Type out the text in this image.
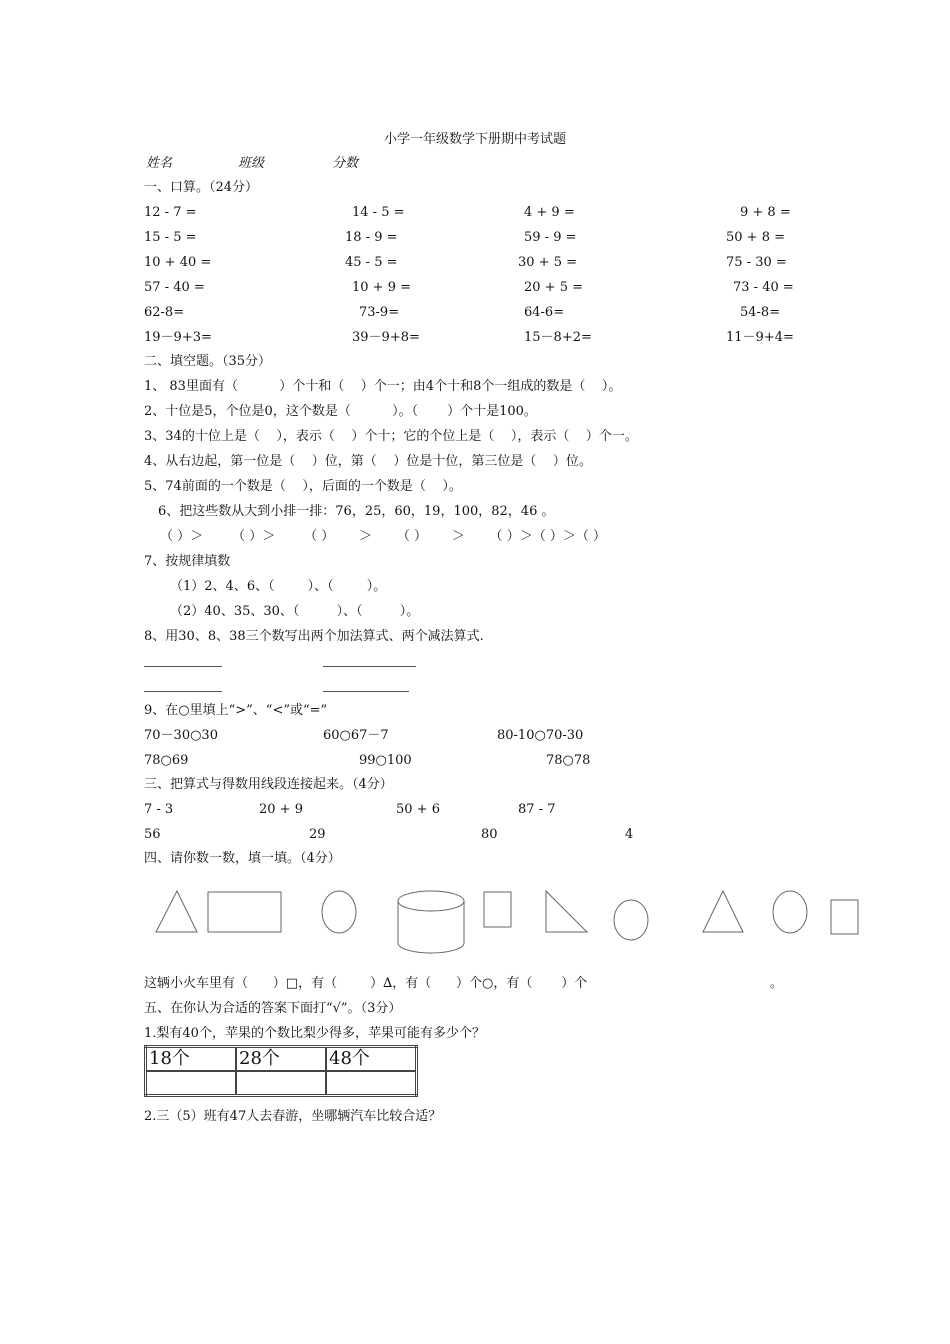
小学一年级数学下册期中考试题
姓名	班级	分数
一、口算。（24分）
12 - 7 =	14 - 5 =	4 + 9 =	9 + 8 =
15 - 5 =	18 - 9 =	59 - 9 =	50 + 8 =
10 + 40 =	45 - 5 =	30 + 5 =	75 - 30 =
57 - 40 =	10 + 9 =	20 + 5 =	73 - 40 =
62-8=	73-9=	64-6=	54-8=
19－9+3=	39－9+8=	15－8+2=	11－9+4=
二、填空题。（35分）
1、 83里面有（          ）个十和（    ）个一；由4个十和8个一组成的数是（    ）。
2、十位是5，个位是0，这个数是（          ）。（       ）个十是100。
3、34的十位上是（    ），表示（    ）个十；它的个位上是（    ），表示（    ）个一。
4、从右边起，第一位是（    ）位，第（    ）位是十位，第三位是（    ）位。
5、74前面的一个数是（    ），后面的一个数是（    ）。
6、把这些数从大到小排一排：76，25，60，19，100，82，46 。
（ ）＞       （ ）＞       （ ）      ＞      （ ）      ＞      （ ）＞（ ）＞（ ）
7、按规律填数
（1）2、4、6、（        ）、（        ）。
（2）40、35、30、（         ）、（         ）。
8、用30、8、38三个数写出两个加法算式、两个减法算式.
9、在○里填上“>”、“<”或“=”
70－30○30	60○67－7	80-10○70-30
78○69	99○100	78○78
三、把算式与得数用线段连接起来。（4分）
7 - 3	20 + 9	50 + 6	87 - 7
56	29	80	4
四、请你数一数，填一填。（4分）
这辆小火车里有（      ）□，有（        ）∆，有（      ）个○，有（       ）个	。
五、在你认为合适的答案下面打“√”。（3分）
1.梨有40个，苹果的个数比梨少得多，苹果可能有多少个？
18个	28个	48个

2.三（5）班有47人去春游，坐哪辆汽车比较合适？
